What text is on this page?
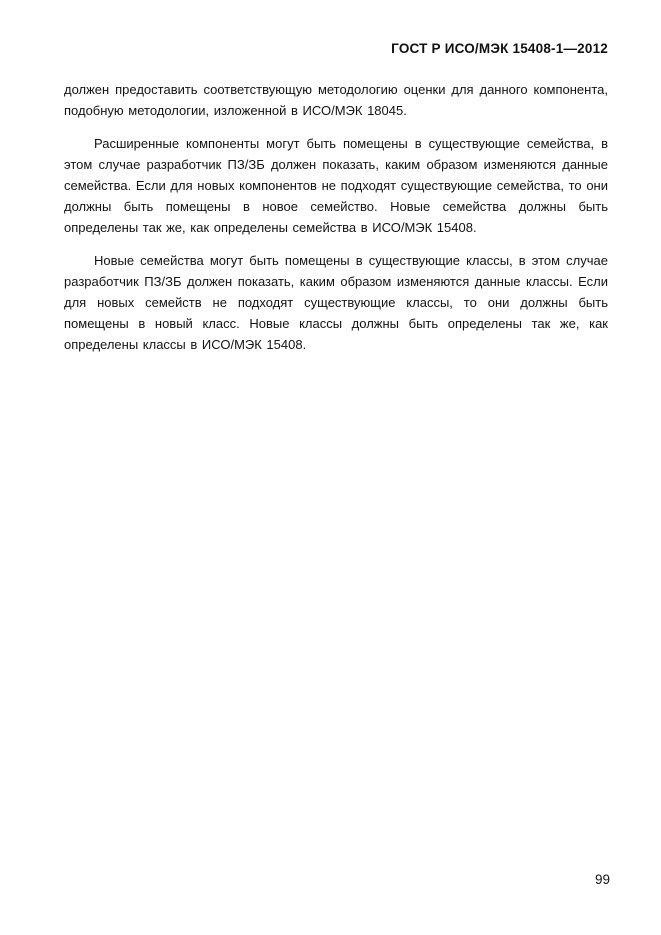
ГОСТ Р ИСО/МЭК 15408-1—2012

должен предоставить соответствующую методологию оценки для данного компонента, подобную методологии, изложенной в ИСО/МЭК 18045.

Расширенные компоненты могут быть помещены в существующие семейства, в этом случае разработчик ПЗ/ЗБ должен показать, каким образом изменяются данные семейства. Если для новых компонентов не подходят существующие семейства, то они должны быть помещены в новое семейство. Новые семейства должны быть определены так же, как определены семейства в ИСО/МЭК 15408.

Новые семейства могут быть помещены в существующие классы, в этом случае разработчик ПЗ/ЗБ должен показать, каким образом изменяются данные классы. Если для новых семейств не подходят существующие классы, то они должны быть помещены в новый класс. Новые классы должны быть определены так же, как определены классы в ИСО/МЭК 15408.

99
